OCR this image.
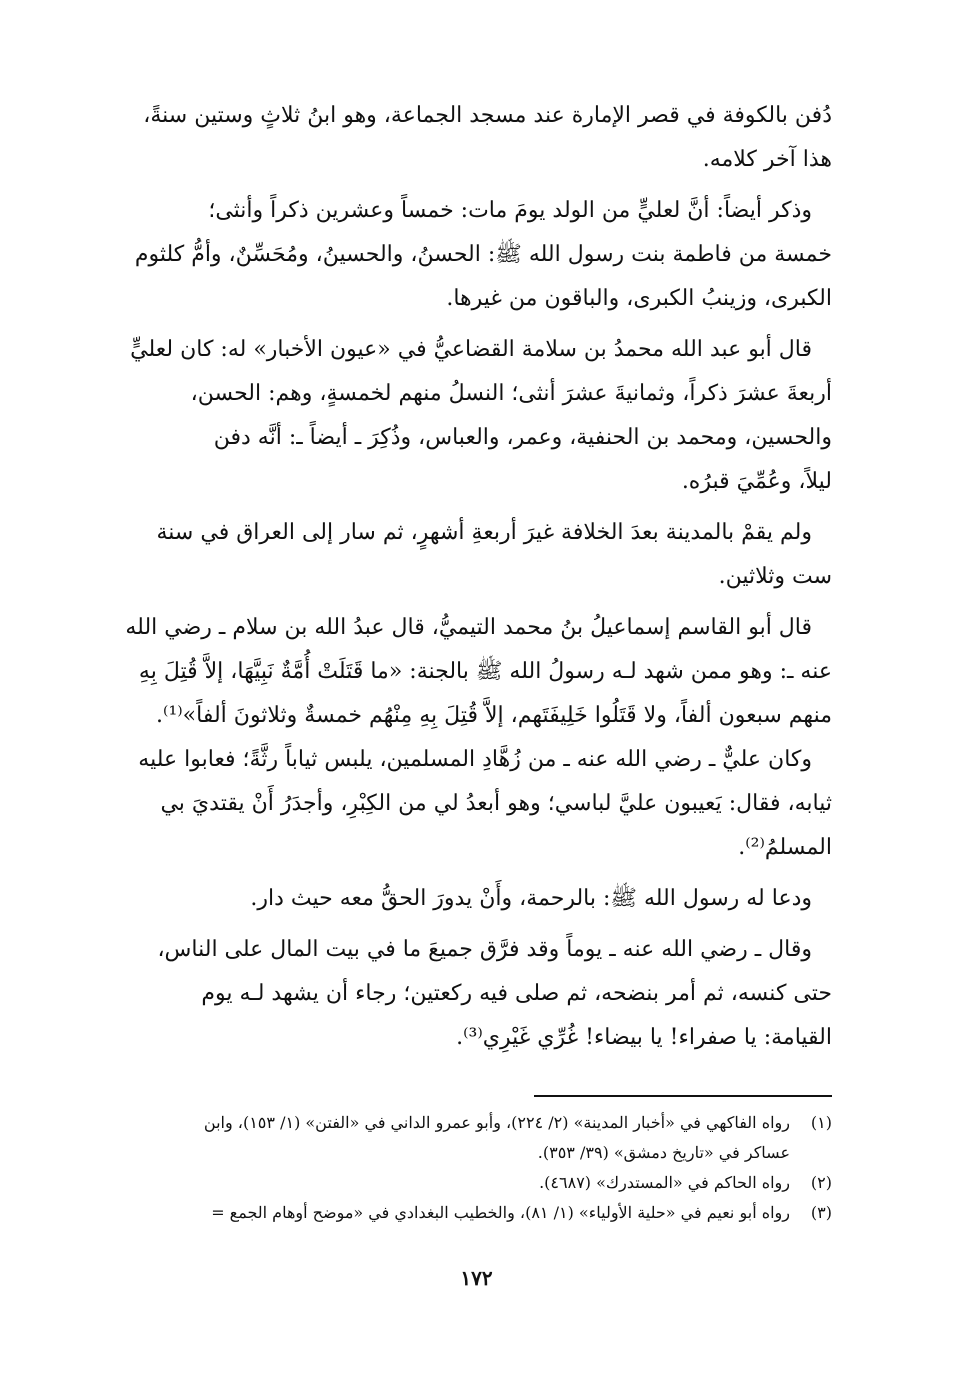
دُفن بالكوفة في قصر الإمارة عند مسجد الجماعة، وهو ابنُ ثلاثٍ وستين سنةً،
هذا آخر كلامه.
وذكر أيضاً: أنَّ لعليٍّ من الولد يومَ مات: خمساً وعشرين ذكراً وأنثى؛
خمسة من فاطمة بنت رسول الله ﷺ: الحسنُ، والحسينُ، ومُحَسِّنٌ، وأمُّ كلثوم
الكبرى، وزينبُ الكبرى، والباقون من غيرها.
قال أبو عبد الله محمدُ بن سلامة القضاعيُّ في «عيون الأخبار» له: كان لعليٍّ
أربعةَ عشرَ ذكراً، وثمانيةَ عشرَ أنثى؛ النسلُ منهم لخمسةٍ، وهم: الحسن،
والحسين، ومحمد بن الحنفية، وعمر، والعباس، وذُكِرَ ـ أيضاً ـ: أنَّه دفن
ليلاً، وعُمِّيَ قبرُه.
ولم يقمْ بالمدينة بعدَ الخلافة غيرَ أربعةِ أشهرٍ، ثم سار إلى العراق في سنة
ست وثلاثين.
قال أبو القاسم إسماعيلُ بنُ محمد التيميُّ، قال عبدُ الله بن سلام ـ رضي الله
عنه ـ: وهو ممن شهد لـه رسولُ الله ﷺ بالجنة: «ما قَتَلَتْ أُمَّةٌ نَبِيَّهَا، إلاَّ قُتِلَ بِهِ
منهم سبعون ألفاً، ولا قَتَلُوا خَلِيفَتَهم، إلاَّ قُتِلَ بِهِ مِنْهُم خمسةٌ وثلاثونَ ألفاً»⁽¹⁾.
وكان عليٌّ ـ رضي الله عنه ـ من زُهَّادِ المسلمين، يلبس ثياباً رثَّةً؛ فعابوا عليه
ثيابه، فقال: يَعيبون عليَّ لباسي؛ وهو أبعدُ لي من الكِبْرِ، وأجدَرُ أَنْ يقتديَ بي
المسلمُ⁽²⁾.
ودعا له رسول الله ﷺ: بالرحمة، وأَنْ يدورَ الحقُّ معه حيث دار.
وقال ـ رضي الله عنه ـ يوماً وقد فرَّق جميعَ ما في بيت المال على الناس،
حتى كنسه، ثم أمر بنضحه، ثم صلى فيه ركعتين؛ رجاء أن يشهد لـه يوم
القيامة: يا صفراء! يا بيضاء! غُرِّي غَيْرِي⁽³⁾.
(١)
رواه الفاكهي في «أخبار المدينة» (٢/ ٢٢٤)، وأبو عمرو الداني في «الفتن» (١/ ١٥٣)، وابن
عساكر في «تاريخ دمشق» (٣٩/ ٣٥٣).
(٢)
رواه الحاكم في «المستدرك» (٤٦٨٧).
(٣)
رواه أبو نعيم في «حلية الأولياء» (١/ ٨١)، والخطيب البغدادي في «موضح أوهام الجمع =
١٧٢
